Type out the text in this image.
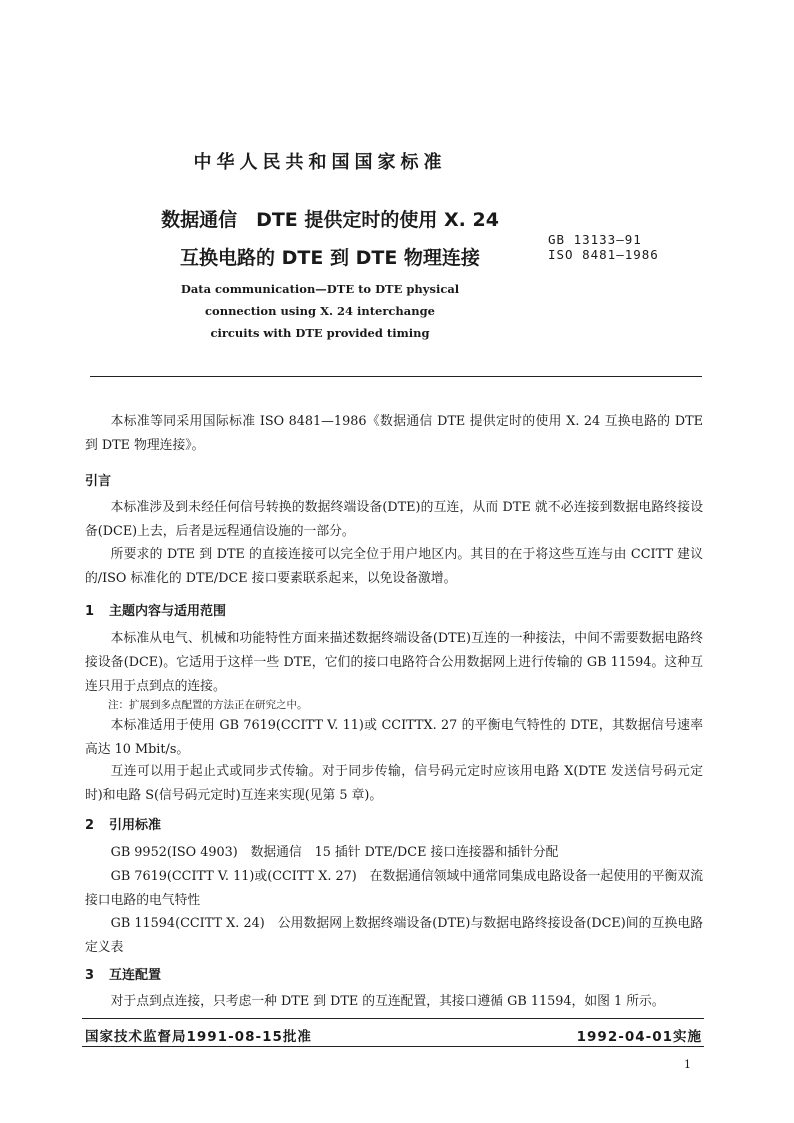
中华人民共和国国家标准
数据通信　DTE 提供定时的使用 X. 24
互换电路的 DTE 到 DTE 物理连接
GB 13133—91
ISO 8481—1986
Data communication—DTE to DTE physical
connection using X. 24 interchange
circuits with DTE provided timing
本标准等同采用国际标准 ISO 8481—1986《数据通信 DTE 提供定时的使用 X. 24 互换电路的 DTE 到 DTE 物理连接》。
引言
本标准涉及到未经任何信号转换的数据终端设备(DTE)的互连，从而 DTE 就不必连接到数据电路终接设备(DCE)上去，后者是远程通信设施的一部分。
所要求的 DTE 到 DTE 的直接连接可以完全位于用户地区内。其目的在于将这些互连与由 CCITT 建议的/ISO 标准化的 DTE/DCE 接口要素联系起来，以免设备激增。
1 主题内容与适用范围
本标准从电气、机械和功能特性方面来描述数据终端设备(DTE)互连的一种接法，中间不需要数据电路终接设备(DCE)。它适用于这样一些 DTE，它们的接口电路符合公用数据网上进行传输的 GB 11594。这种互连只用于点到点的连接。
注：扩展到多点配置的方法正在研究之中。
本标准适用于使用 GB 7619(CCITT V. 11)或 CCITTX. 27 的平衡电气特性的 DTE，其数据信号速率高达 10 Mbit/s。
互连可以用于起止式或同步式传输。对于同步传输，信号码元定时应该用电路 X(DTE 发送信号码元定时)和电路 S(信号码元定时)互连来实现(见第 5 章)。
2 引用标准
GB 9952(ISO 4903)　数据通信　15 插针 DTE/DCE 接口连接器和插针分配
GB 7619(CCITT V. 11)或(CCITT X. 27)　在数据通信领域中通常同集成电路设备一起使用的平衡双流接口电路的电气特性
GB 11594(CCITT X. 24)　公用数据网上数据终端设备(DTE)与数据电路终接设备(DCE)间的互换电路定义表
3 互连配置
对于点到点连接，只考虑一种 DTE 到 DTE 的互连配置，其接口遵循 GB 11594，如图 1 所示。
国家技术监督局1991-08-15批准	1992-04-01实施
1
